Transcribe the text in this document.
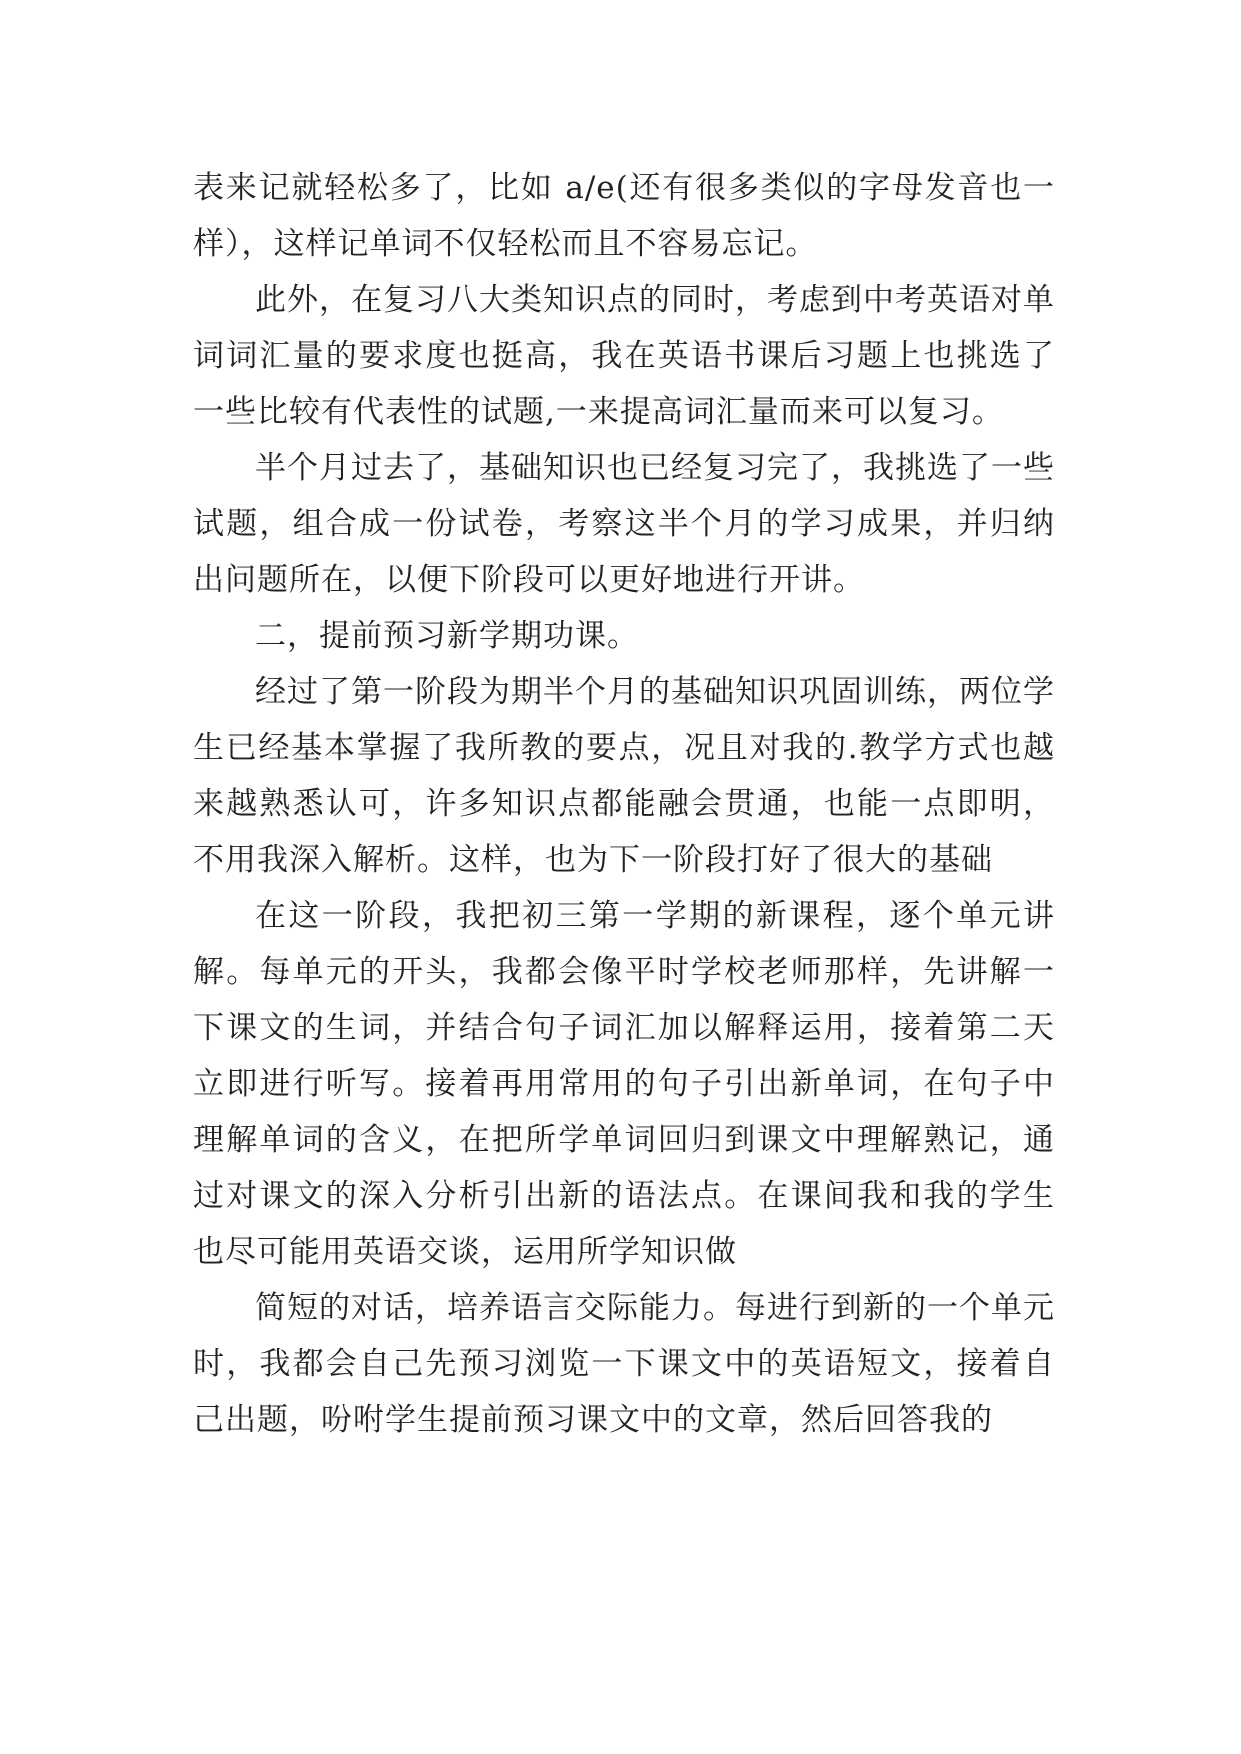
表来记就轻松多了，比如 a/e(还有很多类似的字母发音也一样），这样记单词不仅轻松而且不容易忘记。

此外，在复习八大类知识点的同时，考虑到中考英语对单词词汇量的要求度也挺高，我在英语书课后习题上也挑选了一些比较有代表性的试题,一来提高词汇量而来可以复习。

半个月过去了，基础知识也已经复习完了，我挑选了一些试题，组合成一份试卷，考察这半个月的学习成果，并归纳出问题所在，以便下阶段可以更好地进行开讲。

二，提前预习新学期功课。

经过了第一阶段为期半个月的基础知识巩固训练，两位学生已经基本掌握了我所教的要点，况且对我的.教学方式也越来越熟悉认可，许多知识点都能融会贯通，也能一点即明，不用我深入解析。这样，也为下一阶段打好了很大的基础

在这一阶段，我把初三第一学期的新课程，逐个单元讲解。每单元的开头，我都会像平时学校老师那样，先讲解一下课文的生词，并结合句子词汇加以解释运用，接着第二天立即进行听写。接着再用常用的句子引出新单词，在句子中理解单词的含义，在把所学单词回归到课文中理解熟记，通过对课文的深入分析引出新的语法点。在课间我和我的学生也尽可能用英语交谈，运用所学知识做

简短的对话，培养语言交际能力。每进行到新的一个单元时，我都会自己先预习浏览一下课文中的英语短文，接着自己出题，吩咐学生提前预习课文中的文章，然后回答我的
